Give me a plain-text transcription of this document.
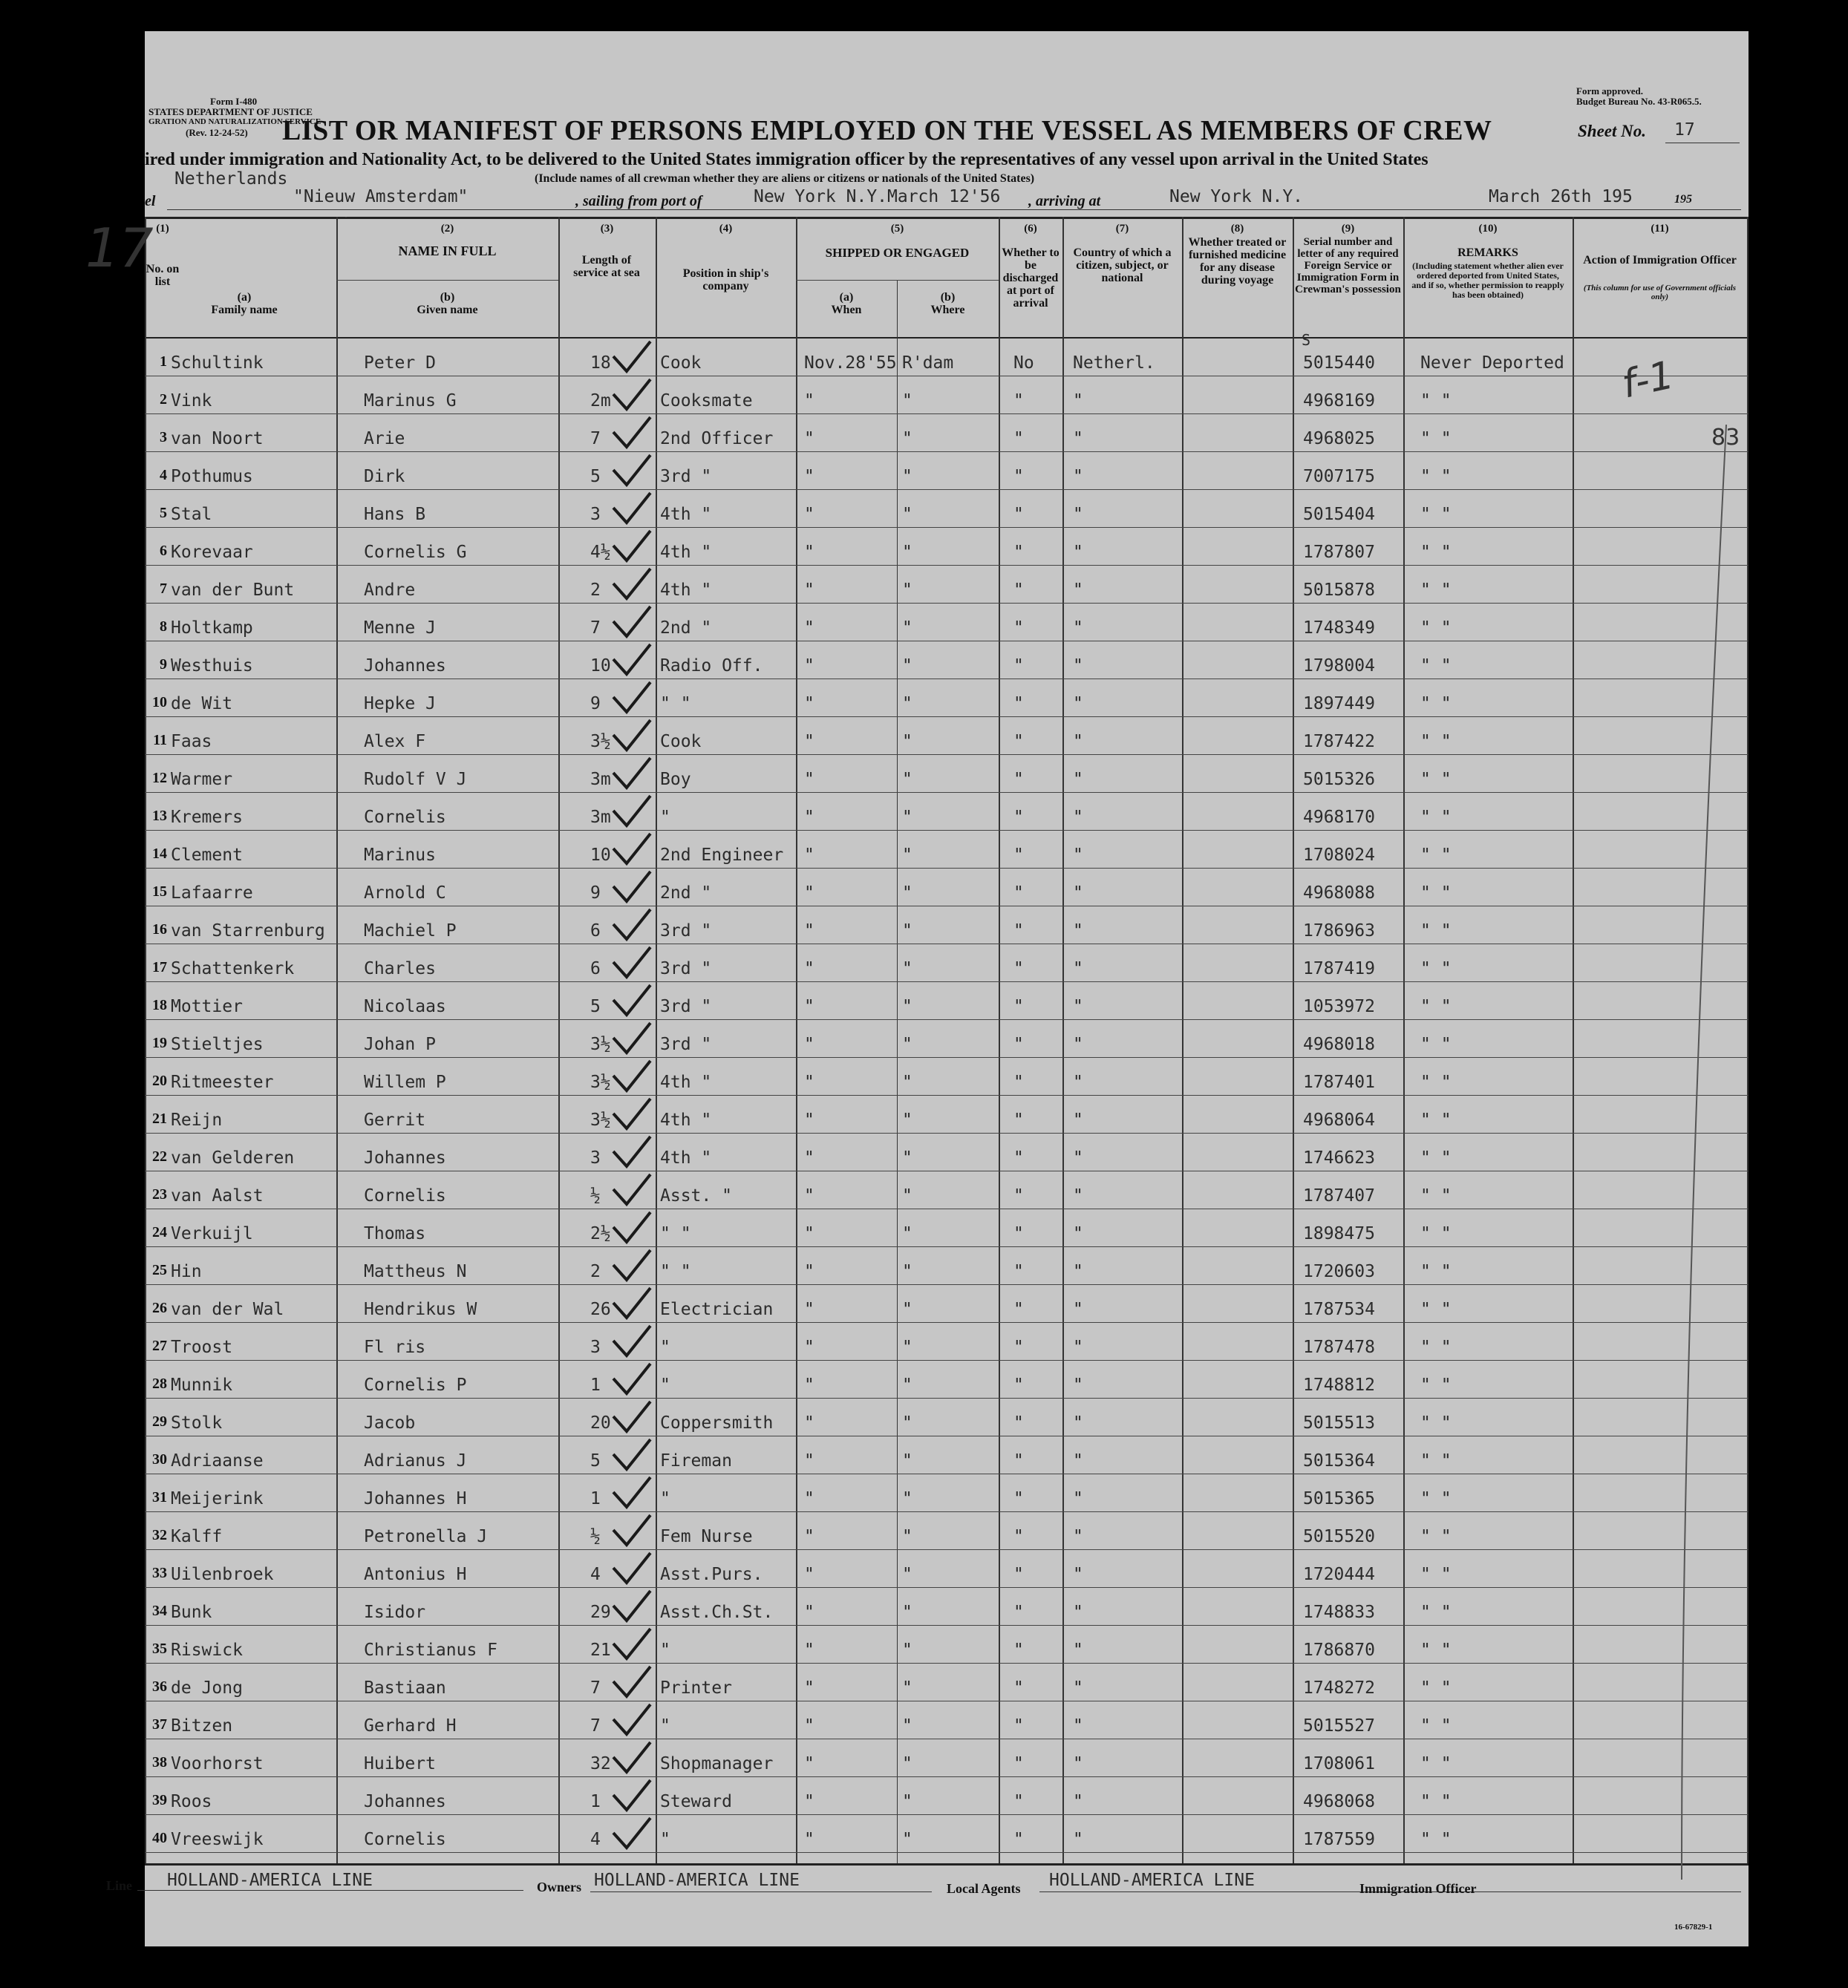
Form I-480
STATES DEPARTMENT OF JUSTICE
GRATION AND NATURALIZATION SERVICE
(Rev. 12-24-52)
Form approved.
Budget Bureau No. 43-R065.5.
LIST OR MANIFEST OF PERSONS EMPLOYED ON THE VESSEL AS MEMBERS OF CREW	Sheet No. 17
ired under immigration and Nationality Act, to be delivered to the United States immigration officer by the representatives of any vessel upon arrival in the United States
(Include names of all crewman whether they are aliens or citizens or nationals of the United States)
Netherlands
el	"Nieuw Amsterdam"	, sailing from port of	New York N.Y.March 12'56 , arriving at	New York N.Y.	March 26th 195	195
(1)
No. on list
(2)
NAME IN FULL
(a)
Family name
(b)
Given name
(3)
Length of service at sea
(4)
Position in ship's company
(5)
SHIPPED OR ENGAGED
(a)
When
(b)
Where
(6)
Whether to be discharged at port of arrival
(7)
Country of which a citizen, subject, or national
(8)
Whether treated or furnished medicine for any disease during voyage
(9)
Serial number and letter of any required Foreign Service or Immigration Form in Crewman's possession
S
(10)
REMARKS
(Including statement whether alien ever ordered deported from United States, and if so, whether permission to reapply has been obtained)
(11)
Action of Immigration Officer
(This column for use of Government officials only)
1 Schultink	Peter D	18	Cook	Nov.28'55 R'dam	No Netherl.	5015440	Never Deported
2 Vink	Marinus G	2m	Cooksmate	"	"	"	"	4968169	" "
3 van Noort	Arie	7	2nd Officer "	"	"	"	4968025	" "
4 Pothumus	Dirk	5	3rd "	"	"	"	"	7007175	" "
5 Stal	Hans B	3	4th "	"	"	"	"	5015404	" "
6 Korevaar	Cornelis G	4½	4th "	"	"	"	"	1787807	" "
7 van der Bunt	Andre	2	4th "	"	"	"	"	5015878	" "
8 Holtkamp	Menne J	7	2nd "	"	"	"	"	1748349	" "
9 Westhuis	Johannes	10	Radio Off. "	"	"	"	1798004	" "
10 de Wit	Hepke J	9	" "	"	"	"	"	1897449	" "
11 Faas	Alex F	3½	Cook	"	"	"	"	1787422	" "
12 Warmer	Rudolf V J	3m	Boy	"	"	"	"	5015326	" "
13 Kremers	Cornelis	3m	"	"	"	"	"	4968170	" "
14 Clement	Marinus	10	2nd Engineer "	"	"	"	1708024	" "
15 Lafaarre	Arnold C	9	2nd "	"	"	"	"	4968088	" "
16 van Starrenburg Machiel P	6	3rd "	"	"	"	"	1786963	" "
17 Schattenkerk	Charles	6	3rd "	"	"	"	"	1787419	" "
18 Mottier	Nicolaas	5	3rd "	"	"	"	"	1053972	" "
19 Stieltjes	Johan P	3½	3rd "	"	"	"	"	4968018	" "
20 Ritmeester	Willem P	3½	4th "	"	"	"	"	1787401	" "
21 Reijn	Gerrit	3½	4th "	"	"	"	"	4968064	" "
22 van Gelderen	Johannes	3	4th "	"	"	"	"	1746623	" "
23 van Aalst	Cornelis	½	Asst. "	"	"	"	"	1787407	" "
24 Verkuijl	Thomas	2½	" "	"	"	"	"	1898475	" "
25 Hin	Mattheus N	2	" "	"	"	"	"	1720603	" "
26 van der Wal	Hendrikus W	26	Electrician "	"	"	"	1787534	" "
27 Troost	Fl ris	3	"	"	"	"	"	1787478	" "
28 Munnik	Cornelis P	1	"	"	"	"	"	1748812	" "
29 Stolk	Jacob	20	Coppersmith "	"	"	"	5015513	" "
30 Adriaanse	Adrianus J	5	Fireman	"	"	"	"	5015364	" "
31 Meijerink	Johannes H	1	"	"	"	"	"	5015365	" "
32 Kalff	Petronella J	½	Fem Nurse	"	"	"	"	5015520	" "
33 Uilenbroek	Antonius H	4	Asst.Purs. "	"	"	"	1720444	" "
34 Bunk	Isidor	29	Asst.Ch.St. "	"	"	"	1748833	" "
35 Riswick	Christianus F	21	"	"	"	"	"	1786870	" "
36 de Jong	Bastiaan	7	Printer	"	"	"	"	1748272	" "
37 Bitzen	Gerhard H	7	"	"	"	"	"	5015527	" "
38 Voorhorst	Huibert	32	Shopmanager "	"	"	"	1708061	" "
39 Roos	Johannes	1	Steward	"	"	"	"	4968068	" "
40 Vreeswijk	Cornelis	4	"	"	"	"	"	1787559	" "
17
f-1
83
Line HOLLAND-AMERICA LINE	Owners HOLLAND-AMERICA LINE	Local Agents HOLLAND-AMERICA LINE	Immigration Officer
16-67829-1
